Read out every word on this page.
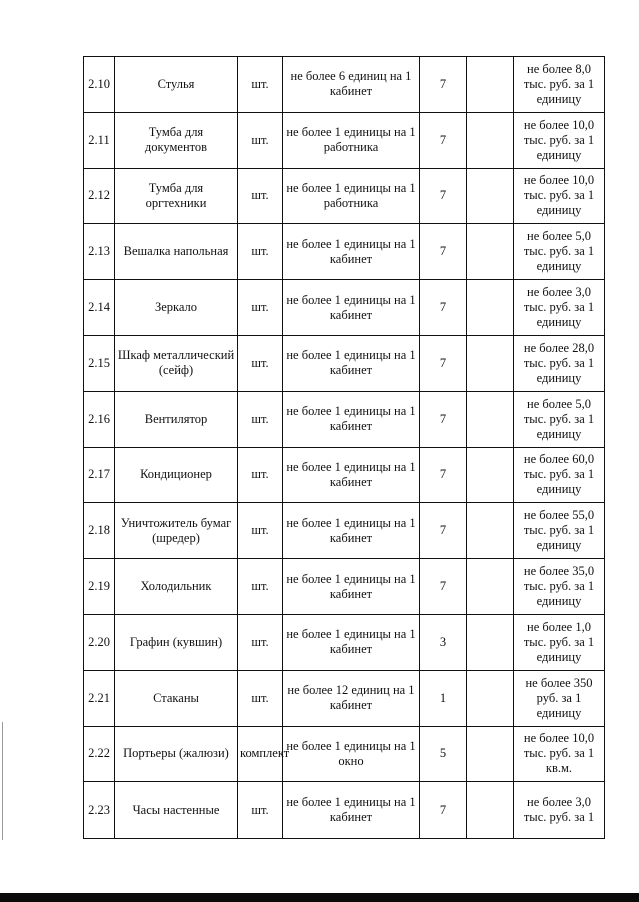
2.10	Стулья	шт.	не более 6 единиц на 1 кабинет	7		не более 8,0 тыс. руб. за 1 единицу
2.11	Тумба для документов	шт.	не более 1 единицы на 1 работника	7		не более 10,0 тыс. руб. за 1 единицу
2.12	Тумба для оргтехники	шт.	не более 1 единицы на 1 работника	7		не более 10,0 тыс. руб. за 1 единицу
2.13	Вешалка напольная	шт.	не более 1 единицы на 1 кабинет	7		не более 5,0 тыс. руб. за 1 единицу
2.14	Зеркало	шт.	не более 1 единицы на 1 кабинет	7		не более 3,0 тыс. руб. за 1 единицу
2.15	Шкаф металлический (сейф)	шт.	не более 1 единицы на 1 кабинет	7		не более 28,0 тыс. руб. за 1 единицу
2.16	Вентилятор	шт.	не более 1 единицы на 1 кабинет	7		не более 5,0 тыс. руб. за 1 единицу
2.17	Кондиционер	шт.	не более 1 единицы на 1 кабинет	7		не более 60,0 тыс. руб. за 1 единицу
2.18	Уничтожитель бумаг (шредер)	шт.	не более 1 единицы на 1 кабинет	7		не более 55,0 тыс. руб. за 1 единицу
2.19	Холодильник	шт.	не более 1 единицы на 1 кабинет	7		не более 35,0 тыс. руб. за 1 единицу
2.20	Графин (кувшин)	шт.	не более 1 единицы на 1 кабинет	3		не более 1,0 тыс. руб. за 1 единицу
2.21	Стаканы	шт.	не более 12 единиц на 1 кабинет	1		не более 350 руб. за 1 единицу
2.22	Портьеры (жалюзи)	комплект	не более 1 единицы на 1 окно	5		не более 10,0 тыс. руб. за 1 кв.м.
2.23	Часы настенные	шт.	не более 1 единицы на 1 кабинет	7		не более 3,0 тыс. руб. за 1
